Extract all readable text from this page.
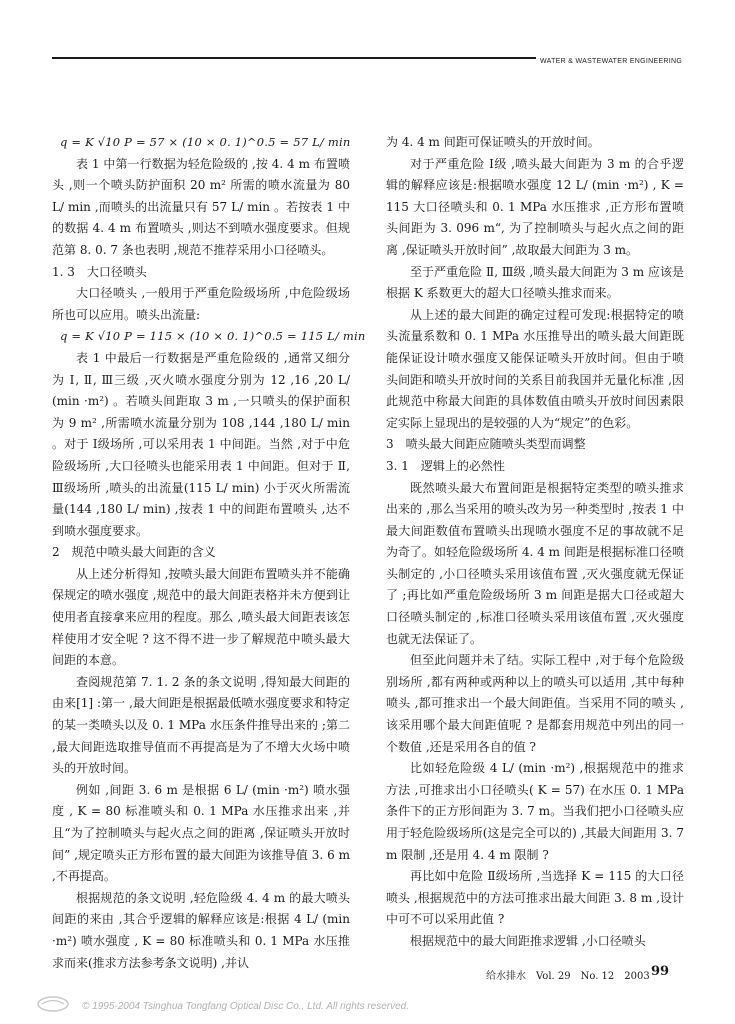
WATER & WASTEWATER ENGINEERING

q = K √10 P = 57 × (10 × 0. 1)^0.5 = 57 L/ min

表 1 中第一行数据为轻危险级的 ,按 4. 4 m 布置喷头 ,则一个喷头防护面积 20 m² 所需的喷水流量为 80 L/ min ,而喷头的出流量只有 57 L/ min 。若按表 1 中的数据 4. 4 m 布置喷头 ,则达不到喷水强度要求。但规范第 8. 0. 7 条也表明 ,规范不推荐采用小口径喷头。

1. 3　大口径喷头

大口径喷头 ,一般用于严重危险级场所 ,中危险级场所也可以应用。喷头出流量:

q = K √10 P = 115 × (10 × 0. 1)^0.5 = 115 L/ min

表 1 中最后一行数据是严重危险级的 ,通常又细分为 Ⅰ, Ⅱ, Ⅲ三级 ,灭火喷水强度分别为 12 ,16 ,20 L/ (min ·m²) 。若喷头间距取 3 m ,一只喷头的保护面积为 9 m² ,所需喷水流量分别为 108 ,144 ,180 L/ min 。对于 Ⅰ级场所 ,可以采用表 1 中间距。当然 ,对于中危险级场所 ,大口径喷头也能采用表 1 中间距。但对于 Ⅱ, Ⅲ级场所 ,喷头的出流量(115 L/ min) 小于灭火所需流量(144 ,180 L/ min) ,按表 1 中的间距布置喷头 ,达不到喷水强度要求。

2　规范中喷头最大间距的含义

从上述分析得知 ,按喷头最大间距布置喷头并不能确保规定的喷水强度 ,规范中的最大间距表格并未方便到让使用者直接拿来应用的程度。那么 ,喷头最大间距表该怎样使用才安全呢 ? 这不得不进一步了解规范中喷头最大间距的本意。

查阅规范第 7. 1. 2 条的条文说明 ,得知最大间距的由来[1] :第一 ,最大间距是根据最低喷水强度要求和特定的某一类喷头以及 0. 1 MPa 水压条件推导出来的 ;第二 ,最大间距选取推导值而不再提高是为了不增大火场中喷头的开放时间。

例如 ,间距 3. 6 m 是根据 6 L/ (min ·m²) 喷水强度 , K = 80 标准喷头和 0. 1 MPa 水压推求出来 ,并且“为了控制喷头与起火点之间的距离 ,保证喷头开放时间” ,规定喷头正方形布置的最大间距为该推导值 3. 6 m ,不再提高。

根据规范的条文说明 ,轻危险级 4. 4 m 的最大喷头间距的来由 ,其合乎逻辑的解释应该是:根据 4 L/ (min ·m²) 喷水强度 , K = 80 标准喷头和 0. 1 MPa 水压推求而来(推求方法参考条文说明) ,并认

为 4. 4 m 间距可保证喷头的开放时间。

对于严重危险 Ⅰ级 ,喷头最大间距为 3 m 的合乎逻辑的解释应该是:根据喷水强度 12 L/ (min ·m²) , K = 115 大口径喷头和 0. 1 MPa 水压推求 ,正方形布置喷头间距为 3. 096 m“, 为了控制喷头与起火点之间的距离 ,保证喷头开放时间” ,故取最大间距为 3 m。

至于严重危险 Ⅱ, Ⅲ级 ,喷头最大间距为 3 m 应该是根据 K 系数更大的超大口径喷头推求而来。

从上述的最大间距的确定过程可发现:根据特定的喷头流量系数和 0. 1 MPa 水压推导出的喷头最大间距既能保证设计喷水强度又能保证喷头开放时间。但由于喷头间距和喷头开放时间的关系目前我国并无量化标准 ,因此规范中称最大间距的具体数值由喷头开放时间因素限定实际上显现出的是较强的人为“规定”的色彩。

3　喷头最大间距应随喷头类型而调整

3. 1　逻辑上的必然性

既然喷头最大布置间距是根据特定类型的喷头推求出来的 ,那么当采用的喷头改为另一种类型时 ,按表 1 中最大间距数值布置喷头出现喷水强度不足的事故就不足为奇了。如轻危险级场所 4. 4 m 间距是根据标准口径喷头制定的 ,小口径喷头采用该值布置 ,灭火强度就无保证了 ;再比如严重危险级场所 3 m 间距是据大口径或超大口径喷头制定的 ,标准口径喷头采用该值布置 ,灭火强度也就无法保证了。

但至此问题并未了结。实际工程中 ,对于每个危险级别场所 ,都有两种或两种以上的喷头可以适用 ,其中每种喷头 ,都可推求出一个最大间距值。当采用不同的喷头 ,该采用哪个最大间距值呢 ? 是都套用规范中列出的同一个数值 ,还是采用各自的值 ?

比如轻危险级 4 L/ (min ·m²) ,根据规范中的推求方法 ,可推求出小口径喷头( K = 57) 在水压 0. 1 MPa 条件下的正方形间距为 3. 7 m。当我们把小口径喷头应用于轻危险级场所(这是完全可以的) ,其最大间距用 3. 7 m 限制 ,还是用 4. 4 m 限制 ?

再比如中危险 Ⅱ级场所 ,当选择 K = 115 的大口径喷头 ,根据规范中的方法可推求出最大间距 3. 8 m ,设计中可不可以采用此值 ?

根据规范中的最大间距推求逻辑 ,小口径喷头

给水排水　Vol. 29　No. 12　2003 99
© 1995-2004 Tsinghua Tongfang Optical Disc Co., Ltd. All rights reserved.
